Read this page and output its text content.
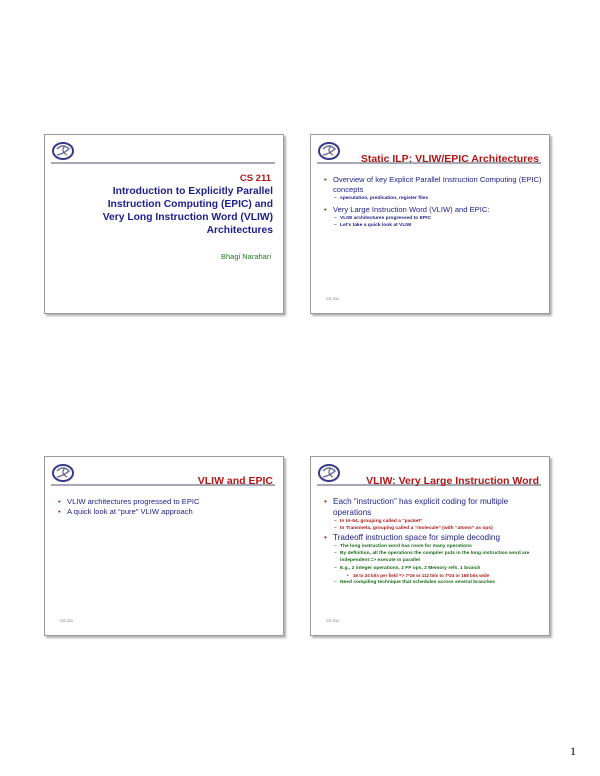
CS 211
Introduction to Explicitly Parallel
Instruction Computing (EPIC) and
Very Long Instruction Word (VLIW)
Architectures
Bhagi Narahari
Static ILP: VLIW/EPIC Architectures
• Overview of key Explicit Parallel Instruction Computing (EPIC) concepts
– speculation, predication, register files
• Very Large Instruction Word (VLIW) and EPIC:
– VLIW architectures progressed to EPIC
– Let's take a quick look at VLIW
CS 211
VLIW and EPIC
• VLIW architectures progressed to EPIC
• A quick look at “pure” VLIW approach
CS 211
VLIW: Very Large Instruction Word
• Each “instruction” has explicit coding for multiple operations
– In IA-64, grouping called a “packet”
– In Transmeta, grouping called a “molecule” (with “atoms” as ops)
• Tradeoff instruction space for simple decoding
– The long instruction word has room for many operations
– By definition, all the operations the compiler puts in the long instruction word are independent => execute in parallel
– E.g., 2 integer operations, 2 FP ops, 2 Memory refs, 1 branch
• 16 to 24 bits per field => 7*16 or 112 bits to 7*24 or 168 bits wide
– Need compiling technique that schedules across several branches
CS 211
1
